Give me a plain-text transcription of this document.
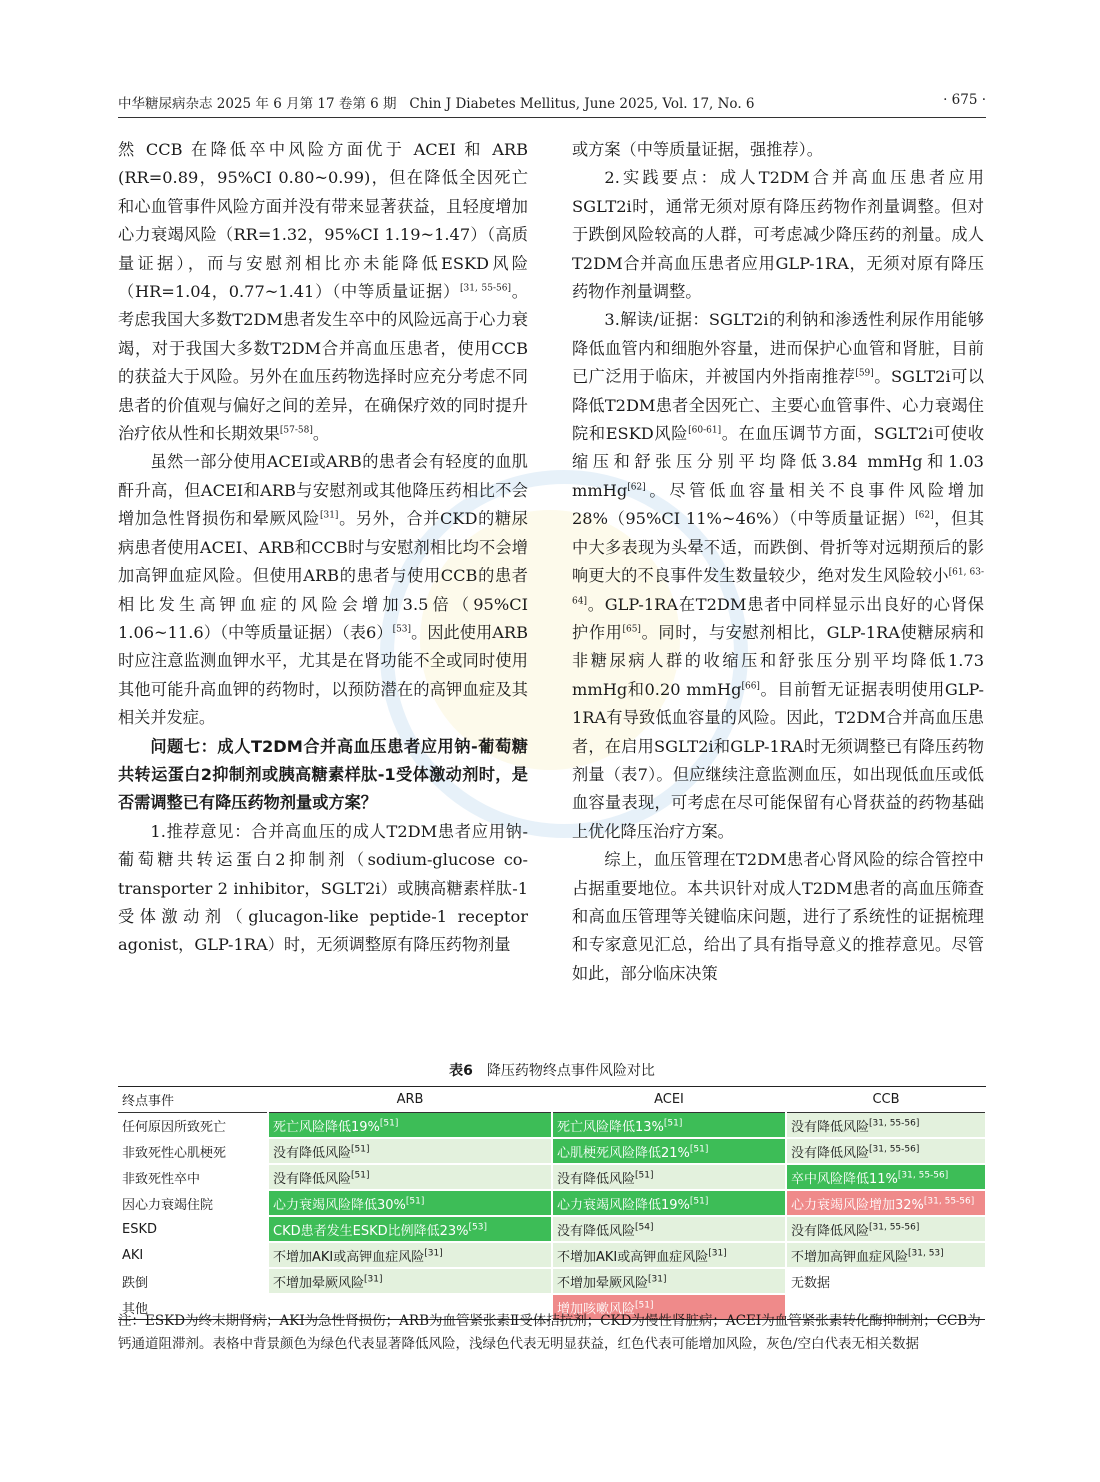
中华糖尿病杂志 2025 年 6 月第 17 卷第 6 期 Chin J Diabetes Mellitus, June 2025, Vol. 17, No. 6	· 675 ·

然 CCB 在降低卒中风险方面优于 ACEI 和 ARB (RR=0.89，95%CI 0.80~0.99)，但在降低全因死亡和心血管事件风险方面并没有带来显著获益，且轻度增加心力衰竭风险（RR=1.32，95%CI 1.19~1.47）（高质量证据），而与安慰剂相比亦未能降低ESKD风险（HR=1.04，0.77~1.41）（中等质量证据）[31, 55-56]。考虑我国大多数T2DM患者发生卒中的风险远高于心力衰竭，对于我国大多数T2DM合并高血压患者，使用CCB的获益大于风险。另外在血压药物选择时应充分考虑不同患者的价值观与偏好之间的差异，在确保疗效的同时提升治疗依从性和长期效果[57-58]。

虽然一部分使用ACEI或ARB的患者会有轻度的血肌酐升高，但ACEI和ARB与安慰剂或其他降压药相比不会增加急性肾损伤和晕厥风险[31]。另外，合并CKD的糖尿病患者使用ACEI、ARB和CCB时与安慰剂相比均不会增加高钾血症风险。但使用ARB的患者与使用CCB的患者相比发生高钾血症的风险会增加3.5倍（95%CI 1.06~11.6）（中等质量证据）（表6）[53]。因此使用ARB时应注意监测血钾水平，尤其是在肾功能不全或同时使用其他可能升高血钾的药物时，以预防潜在的高钾血症及其相关并发症。

问题七：成人T2DM合并高血压患者应用钠-葡萄糖共转运蛋白2抑制剂或胰高糖素样肽-1受体激动剂时，是否需调整已有降压药物剂量或方案？

1.推荐意见：合并高血压的成人T2DM患者应用钠-葡萄糖共转运蛋白2抑制剂（sodium-glucose co-transporter 2 inhibitor，SGLT2i）或胰高糖素样肽-1受体激动剂（glucagon-like peptide-1 receptor agonist，GLP-1RA）时，无须调整原有降压药物剂量

或方案（中等质量证据，强推荐）。

2.实践要点：成人T2DM合并高血压患者应用SGLT2i时，通常无须对原有降压药物作剂量调整。但对于跌倒风险较高的人群，可考虑减少降压药的剂量。成人T2DM合并高血压患者应用GLP-1RA，无须对原有降压药物作剂量调整。

3.解读/证据：SGLT2i的利钠和渗透性利尿作用能够降低血管内和细胞外容量，进而保护心血管和肾脏，目前已广泛用于临床，并被国内外指南推荐[59]。SGLT2i可以降低T2DM患者全因死亡、主要心血管事件、心力衰竭住院和ESKD风险[60-61]。在血压调节方面，SGLT2i可使收缩压和舒张压分别平均降低3.84 mmHg和1.03 mmHg[62]。尽管低血容量相关不良事件风险增加28%（95%CI 11%~46%）（中等质量证据）[62]，但其中大多表现为头晕不适，而跌倒、骨折等对远期预后的影响更大的不良事件发生数量较少，绝对发生风险较小[61, 63-64]。GLP-1RA在T2DM患者中同样显示出良好的心肾保护作用[65]。同时，与安慰剂相比，GLP-1RA使糖尿病和非糖尿病人群的收缩压和舒张压分别平均降低1.73 mmHg和0.20 mmHg[66]。目前暂无证据表明使用GLP-1RA有导致低血容量的风险。因此，T2DM合并高血压患者，在启用SGLT2i和GLP-1RA时无须调整已有降压药物剂量（表7）。但应继续注意监测血压，如出现低血压或低血容量表现，可考虑在尽可能保留有心肾获益的药物基础上优化降压治疗方案。

综上，血压管理在T2DM患者心肾风险的综合管控中占据重要地位。本共识针对成人T2DM患者的高血压筛查和高血压管理等关键临床问题，进行了系统性的证据梳理和专家意见汇总，给出了具有指导意义的推荐意见。尽管如此，部分临床决策

表6 降压药物终点事件风险对比
终点事件	ARB	ACEI	CCB
任何原因所致死亡	死亡风险降低19%[51]	死亡风险降低13%[51]	没有降低风险[31, 55-56]
非致死性心肌梗死	没有降低风险[51]	心肌梗死风险降低21%[51]	没有降低风险[31, 55-56]
非致死性卒中	没有降低风险[51]	没有降低风险[51]	卒中风险降低11%[31, 55-56]
因心力衰竭住院	心力衰竭风险降低30%[51]	心力衰竭风险降低19%[51]	心力衰竭风险增加32%[31, 55-56]
ESKD	CKD患者发生ESKD比例降低23%[53]	没有降低风险[54]	没有降低风险[31, 55-56]
AKI	不增加AKI或高钾血症风险[31]	不增加AKI或高钾血症风险[31]	不增加高钾血症风险[31, 53]
跌倒	不增加晕厥风险[31]	不增加晕厥风险[31]	无数据
其他		增加咳嗽风险[51]	
注：ESKD为终末期肾病；AKI为急性肾损伤；ARB为血管紧张素Ⅱ受体拮抗剂；CKD为慢性肾脏病；ACEI为血管紧张素转化酶抑制剂；CCB为钙通道阻滞剂。表格中背景颜色为绿色代表显著降低风险，浅绿色代表无明显获益，红色代表可能增加风险，灰色/空白代表无相关数据
